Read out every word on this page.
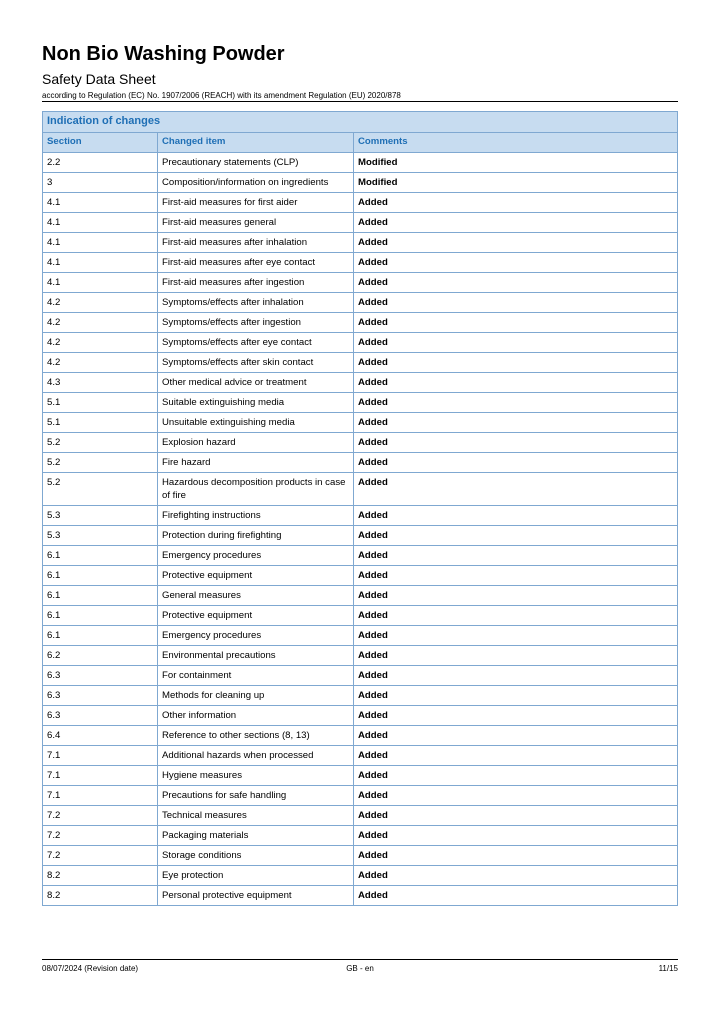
Non Bio Washing Powder
Safety Data Sheet
according to Regulation (EC) No. 1907/2006 (REACH) with its amendment Regulation (EU) 2020/878
Indication of changes		
Section	Changed item	Comments
2.2	Precautionary statements (CLP)	Modified
3	Composition/information on ingredients	Modified
4.1	First-aid measures for first aider	Added
4.1	First-aid measures general	Added
4.1	First-aid measures after inhalation	Added
4.1	First-aid measures after eye contact	Added
4.1	First-aid measures after ingestion	Added
4.2	Symptoms/effects after inhalation	Added
4.2	Symptoms/effects after ingestion	Added
4.2	Symptoms/effects after eye contact	Added
4.2	Symptoms/effects after skin contact	Added
4.3	Other medical advice or treatment	Added
5.1	Suitable extinguishing media	Added
5.1	Unsuitable extinguishing media	Added
5.2	Explosion hazard	Added
5.2	Fire hazard	Added
5.2	Hazardous decomposition products in case of fire	Added
5.3	Firefighting instructions	Added
5.3	Protection during firefighting	Added
6.1	Emergency procedures	Added
6.1	Protective equipment	Added
6.1	General measures	Added
6.1	Protective equipment	Added
6.1	Emergency procedures	Added
6.2	Environmental precautions	Added
6.3	For containment	Added
6.3	Methods for cleaning up	Added
6.3	Other information	Added
6.4	Reference to other sections (8, 13)	Added
7.1	Additional hazards when processed	Added
7.1	Hygiene measures	Added
7.1	Precautions for safe handling	Added
7.2	Technical measures	Added
7.2	Packaging materials	Added
7.2	Storage conditions	Added
8.2	Eye protection	Added
8.2	Personal protective equipment	Added
08/07/2024 (Revision date)	GB - en	11/15
